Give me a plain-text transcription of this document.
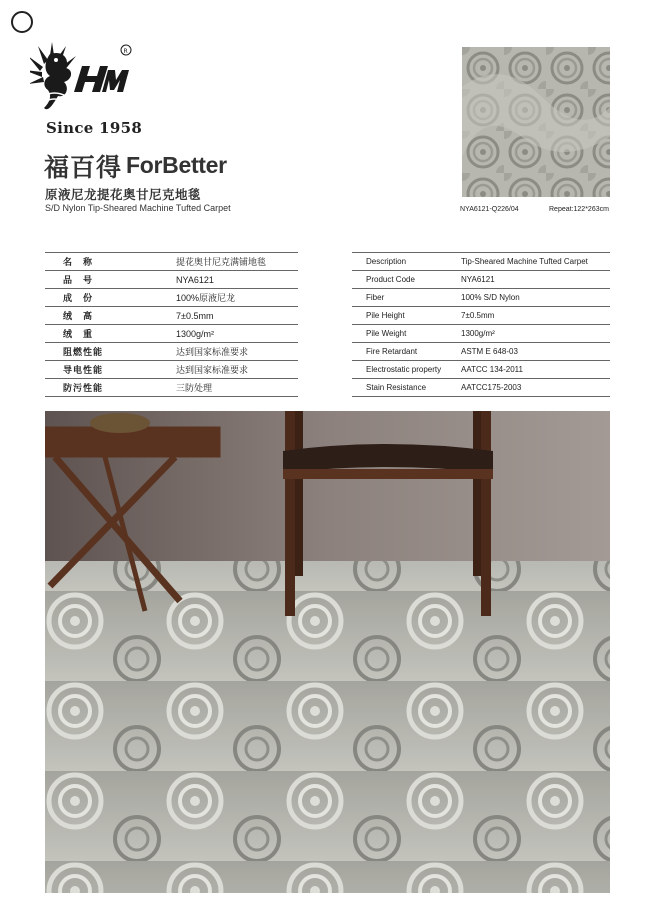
R
Since 1958
福百得 ForBetter
原液尼龙提花奥甘尼克地毯
S/D Nylon Tip-Sheared Machine Tufted Carpet	NYA6121-Q226/04	Repeat:122*263cm
名　称	提花奥甘尼克满铺地毯
品　号	NYA6121
成　份	100%原液尼龙
绒　高	7±0.5mm
绒　重	1300g/m²
阻燃性能	达到国家标准要求
导电性能	达到国家标准要求
防污性能	三防处理
Description	Tip-Sheared Machine Tufted Carpet
Product Code	NYA6121
Fiber	100% S/D Nylon
Pile Height	7±0.5mm
Pile Weight	1300g/m²
Fire Retardant	ASTM E 648-03
Electrostatic property	AATCC 134-2011
Stain Resistance	AATCC175-2003
